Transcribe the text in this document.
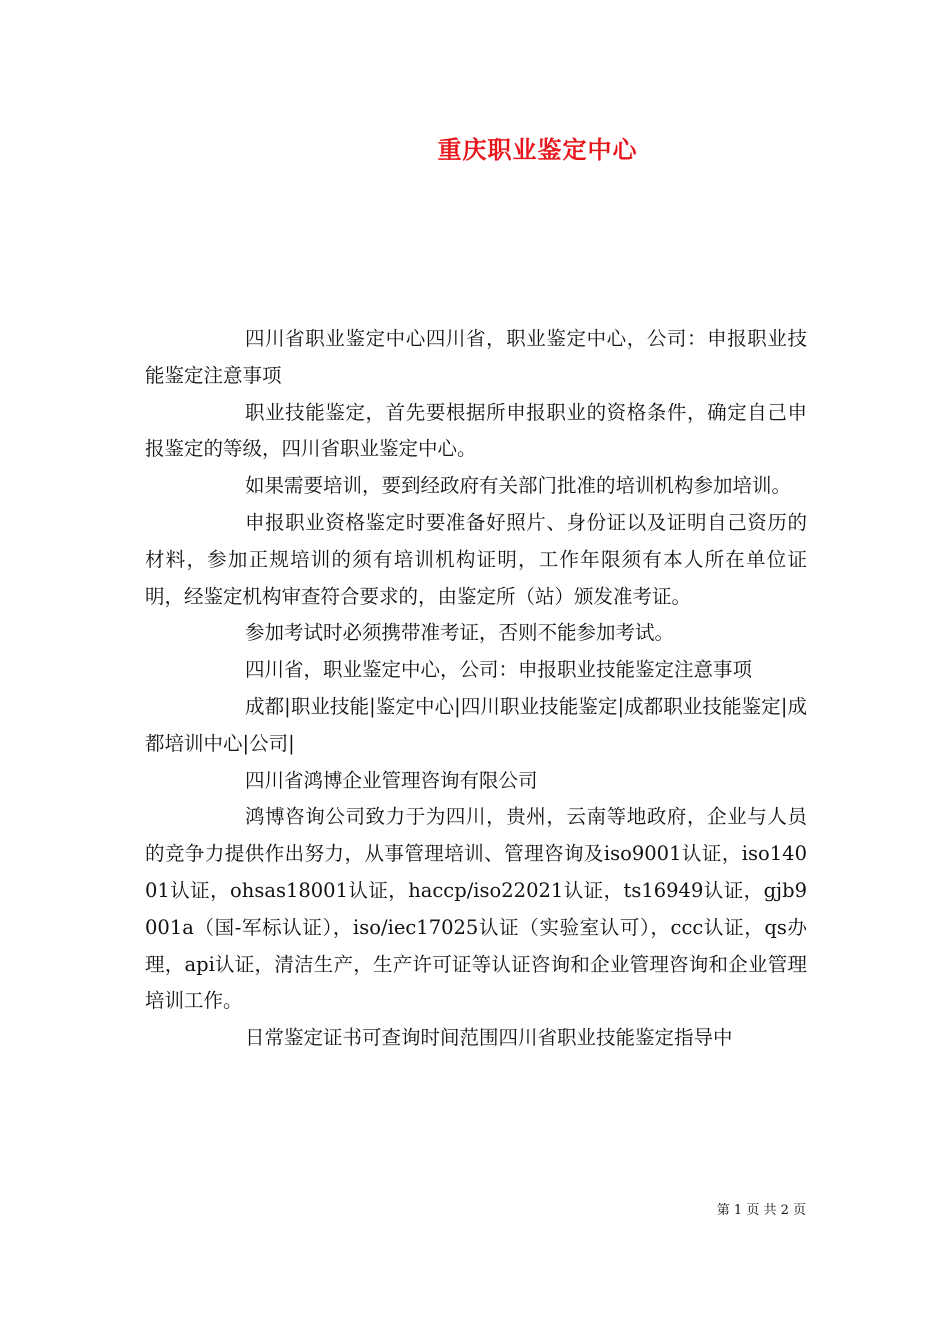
重庆职业鉴定中心

四川省职业鉴定中心四川省，职业鉴定中心，公司：申报职业技能鉴定注意事项

职业技能鉴定，首先要根据所申报职业的资格条件，确定自己申报鉴定的等级，四川省职业鉴定中心。

如果需要培训，要到经政府有关部门批准的培训机构参加培训。

申报职业资格鉴定时要准备好照片、身份证以及证明自己资历的材料，参加正规培训的须有培训机构证明，工作年限须有本人所在单位证明，经鉴定机构审查符合要求的，由鉴定所（站）颁发准考证。

参加考试时必须携带准考证，否则不能参加考试。

四川省，职业鉴定中心，公司：申报职业技能鉴定注意事项

成都|职业技能|鉴定中心|四川职业技能鉴定|成都职业技能鉴定|成都培训中心|公司|

四川省鸿博企业管理咨询有限公司

鸿博咨询公司致力于为四川，贵州，云南等地政府，企业与人员的竞争力提供作出努力，从事管理培训、管理咨询及iso9001认证，iso14001认证，ohsas18001认证，haccp/iso22021认证，ts16949认证，gjb9001a（国-军标认证），iso/iec17025认证（实验室认可），ccc认证，qs办理，api认证，清洁生产，生产许可证等认证咨询和企业管理咨询和企业管理培训工作。

日常鉴定证书可查询时间范围四川省职业技能鉴定指导中

第 1 页 共 2 页
